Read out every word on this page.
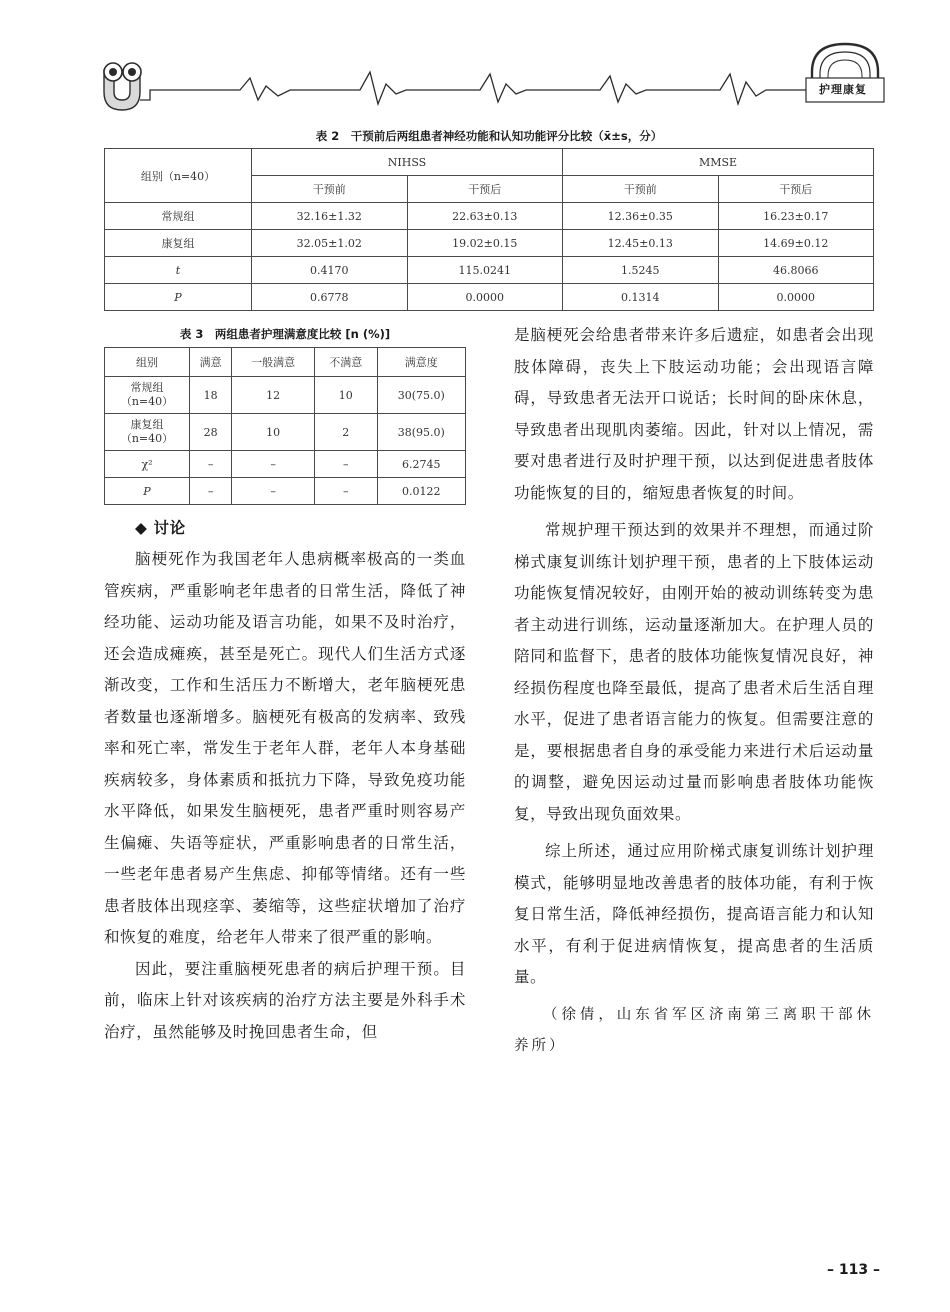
护理康复
表 2　干预前后两组患者神经功能和认知功能评分比较（x̄±s，分）
组别（n=40）	NIHSS		MMSE	
	干预前	干预后	干预前	干预后
常规组	32.16±1.32	22.63±0.13	12.36±0.35	16.23±0.17
康复组	32.05±1.02	19.02±0.15	12.45±0.13	14.69±0.12
t	0.4170	115.0241	1.5245	46.8066
P	0.6778	0.0000	0.1314	0.0000
表 3　两组患者护理满意度比较 [n (%)]
组别	满意	一般满意	不满意	满意度

常规组
（n=40）	18	12	10	30(75.0)

康复组
（n=40）	28	10	2	38(95.0)
χ²	–	–	–	6.2745
P	–	–	–	0.0122

◆ 讨论

脑梗死作为我国老年人患病概率极高的一类血管疾病，严重影响老年患者的日常生活，降低了神经功能、运动功能及语言功能，如果不及时治疗，还会造成瘫痪，甚至是死亡。现代人们生活方式逐渐改变，工作和生活压力不断增大，老年脑梗死患者数量也逐渐增多。脑梗死有极高的发病率、致残率和死亡率，常发生于老年人群，老年人本身基础疾病较多，身体素质和抵抗力下降，导致免疫功能水平降低，如果发生脑梗死，患者严重时则容易产生偏瘫、失语等症状，严重影响患者的日常生活，一些老年患者易产生焦虑、抑郁等情绪。还有一些患者肢体出现痉挛、萎缩等，这些症状增加了治疗和恢复的难度，给老年人带来了很严重的影响。

因此，要注重脑梗死患者的病后护理干预。目前，临床上针对该疾病的治疗方法主要是外科手术治疗，虽然能够及时挽回患者生命，但

是脑梗死会给患者带来许多后遗症，如患者会出现肢体障碍，丧失上下肢运动功能；会出现语言障碍，导致患者无法开口说话；长时间的卧床休息，导致患者出现肌肉萎缩。因此，针对以上情况，需要对患者进行及时护理干预，以达到促进患者肢体功能恢复的目的，缩短患者恢复的时间。

常规护理干预达到的效果并不理想，而通过阶梯式康复训练计划护理干预，患者的上下肢体运动功能恢复情况较好，由刚开始的被动训练转变为患者主动进行训练，运动量逐渐加大。在护理人员的陪同和监督下，患者的肢体功能恢复情况良好，神经损伤程度也降至最低，提高了患者术后生活自理水平，促进了患者语言能力的恢复。但需要注意的是，要根据患者自身的承受能力来进行术后运动量的调整，避免因运动过量而影响患者肢体功能恢复，导致出现负面效果。

综上所述，通过应用阶梯式康复训练计划护理模式，能够明显地改善患者的肢体功能，有利于恢复日常生活，降低神经损伤，提高语言能力和认知水平，有利于促进病情恢复，提高患者的生活质量。

（徐倩，山东省军区济南第三离职干部休养所）

– 113 –
